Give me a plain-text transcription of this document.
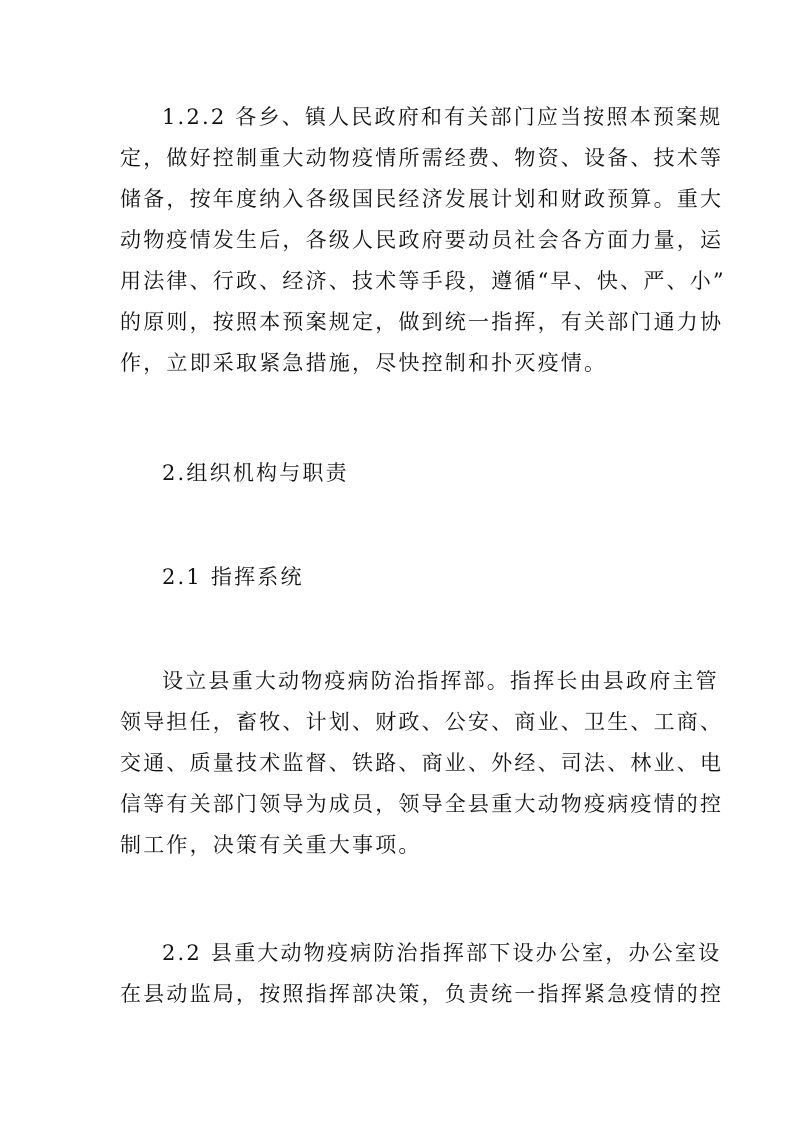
1.2.2 各乡、镇人民政府和有关部门应当按照本预案规
定，做好控制重大动物疫情所需经费、物资、设备、技术等
储备，按年度纳入各级国民经济发展计划和财政预算。重大
动物疫情发生后，各级人民政府要动员社会各方面力量，运
用法律、行政、经济、技术等手段，遵循“早、快、严、小”
的原则，按照本预案规定，做到统一指挥，有关部门通力协
作，立即采取紧急措施，尽快控制和扑灭疫情。
2.组织机构与职责
2.1 指挥系统
设立县重大动物疫病防治指挥部。指挥长由县政府主管
领导担任，畜牧、计划、财政、公安、商业、卫生、工商、
交通、质量技术监督、铁路、商业、外经、司法、林业、电
信等有关部门领导为成员，领导全县重大动物疫病疫情的控
制工作，决策有关重大事项。
2.2 县重大动物疫病防治指挥部下设办公室，办公室设
在县动监局，按照指挥部决策，负责统一指挥紧急疫情的控
